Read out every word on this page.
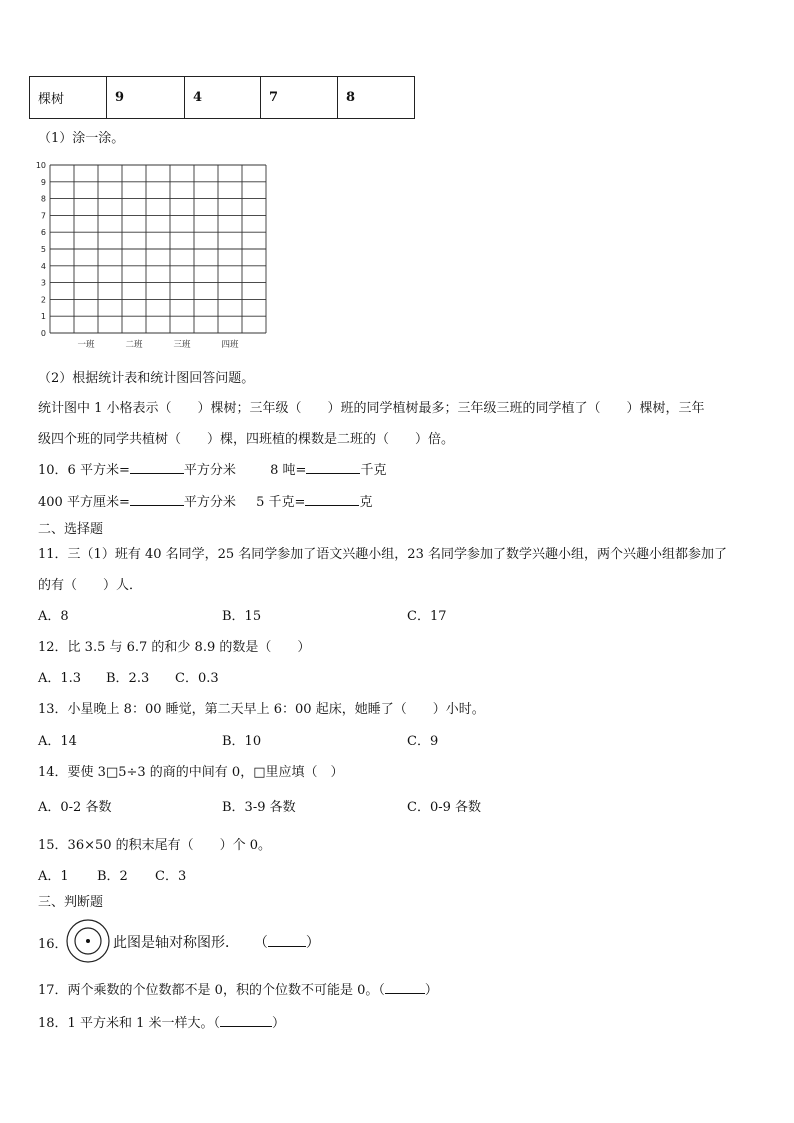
棵树	9	4	7	8
（1）涂一涂。
0
1
2
3
4
5
6
7
8
9
10
一班	二班	三班	四班
（2）根据统计表和统计图回答问题。
统计图中 1 小格表示（　　）棵树；三年级（　　）班的同学植树最多；三年级三班的同学植了（　　）棵树，三年
级四个班的同学共植树（　　）棵，四班植的棵数是二班的（　　）倍。
10．6 平方米=	平方分米	8 吨=	千克
400 平方厘米=	平方分米 5 千克=	克
二、选择题
11．三（1）班有 40 名同学，25 名同学参加了语文兴趣小组，23 名同学参加了数学兴趣小组，两个兴趣小组都参加了
的有（　　）人．
A．8	B．15	C．17
12．比 3.5 与 6.7 的和少 8.9 的数是（　　）
A．1.3 B．2.3 C．0.3
13．小星晚上 8：00 睡觉，第二天早上 6：00 起床，她睡了（　　）小时。
A．14	B．10	C．9
14．要使 3□5÷3 的商的中间有 0，□里应填（　）
A．0-2 各数	B．3-9 各数	C．0-9 各数
15．36×50 的积末尾有（　　）个 0。
A．1 B．2 C．3
三、判断题
16．	此图是轴对称图形． （	）
17．两个乘数的个位数都不是 0，积的个位数不可能是 0。（	）
18．1 平方米和 1 米一样大。（	）
